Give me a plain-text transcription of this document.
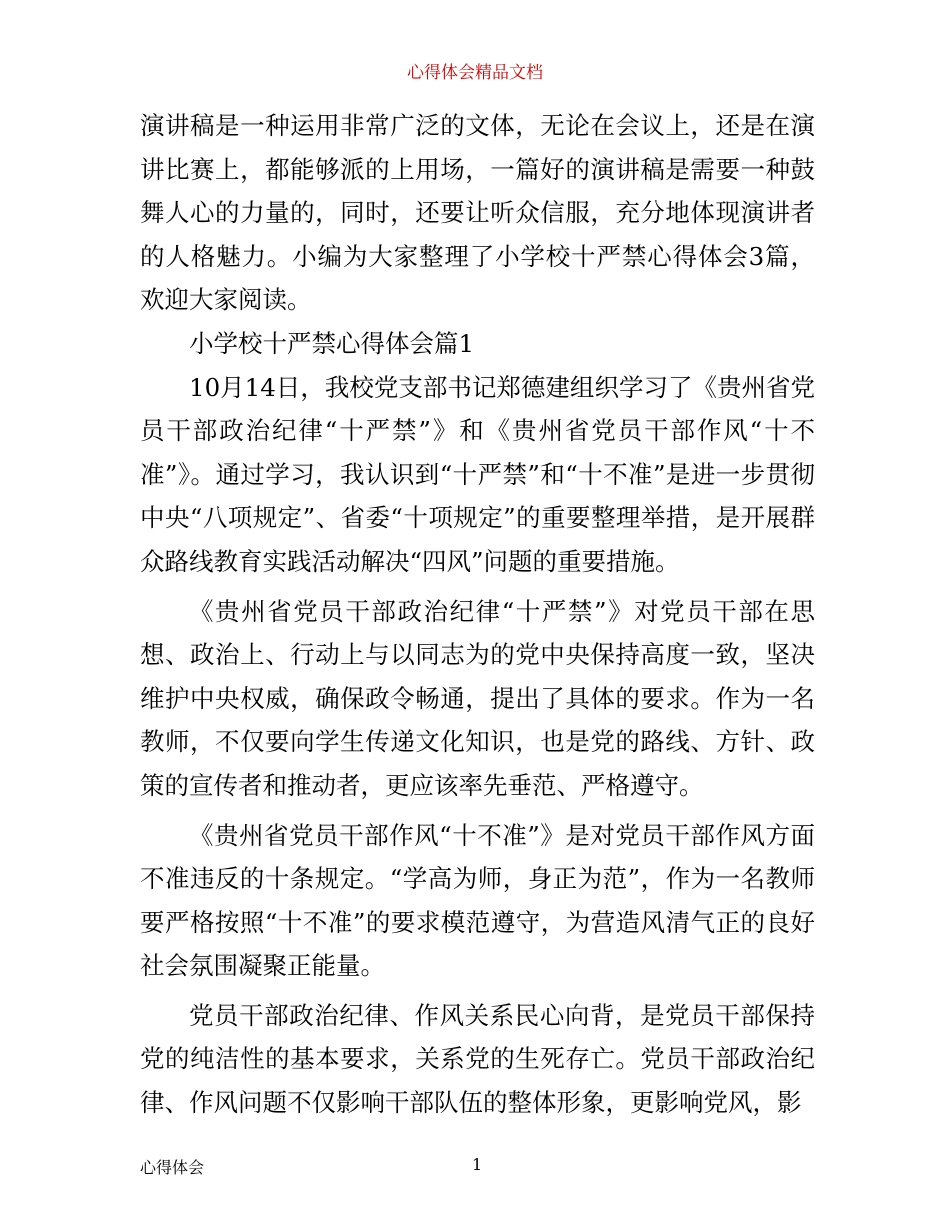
心得体会精品文档

演讲稿是一种运用非常广泛的文体，无论在会议上，还是在演讲比赛上，都能够派的上用场，一篇好的演讲稿是需要一种鼓舞人心的力量的，同时，还要让听众信服，充分地体现演讲者的人格魅力。小编为大家整理了小学校十严禁心得体会3篇，欢迎大家阅读。

小学校十严禁心得体会篇1

10月14日，我校党支部书记郑德建组织学习了《贵州省党员干部政治纪律“十严禁”》和《贵州省党员干部作风“十不准”》。通过学习，我认识到“十严禁”和“十不准”是进一步贯彻中央“八项规定”、省委“十项规定”的重要整理举措，是开展群众路线教育实践活动解决“四风”问题的重要措施。

《贵州省党员干部政治纪律“十严禁”》对党员干部在思想、政治上、行动上与以同志为的党中央保持高度一致，坚决维护中央权威，确保政令畅通，提出了具体的要求。作为一名教师，不仅要向学生传递文化知识，也是党的路线、方针、政策的宣传者和推动者，更应该率先垂范、严格遵守。

《贵州省党员干部作风“十不准”》是对党员干部作风方面不准违反的十条规定。“学高为师，身正为范”，作为一名教师要严格按照“十不准”的要求模范遵守，为营造风清气正的良好社会氛围凝聚正能量。

党员干部政治纪律、作风关系民心向背，是党员干部保持党的纯洁性的基本要求，关系党的生死存亡。党员干部政治纪律、作风问题不仅影响干部队伍的整体形象，更影响党风，影

心得体会	1
